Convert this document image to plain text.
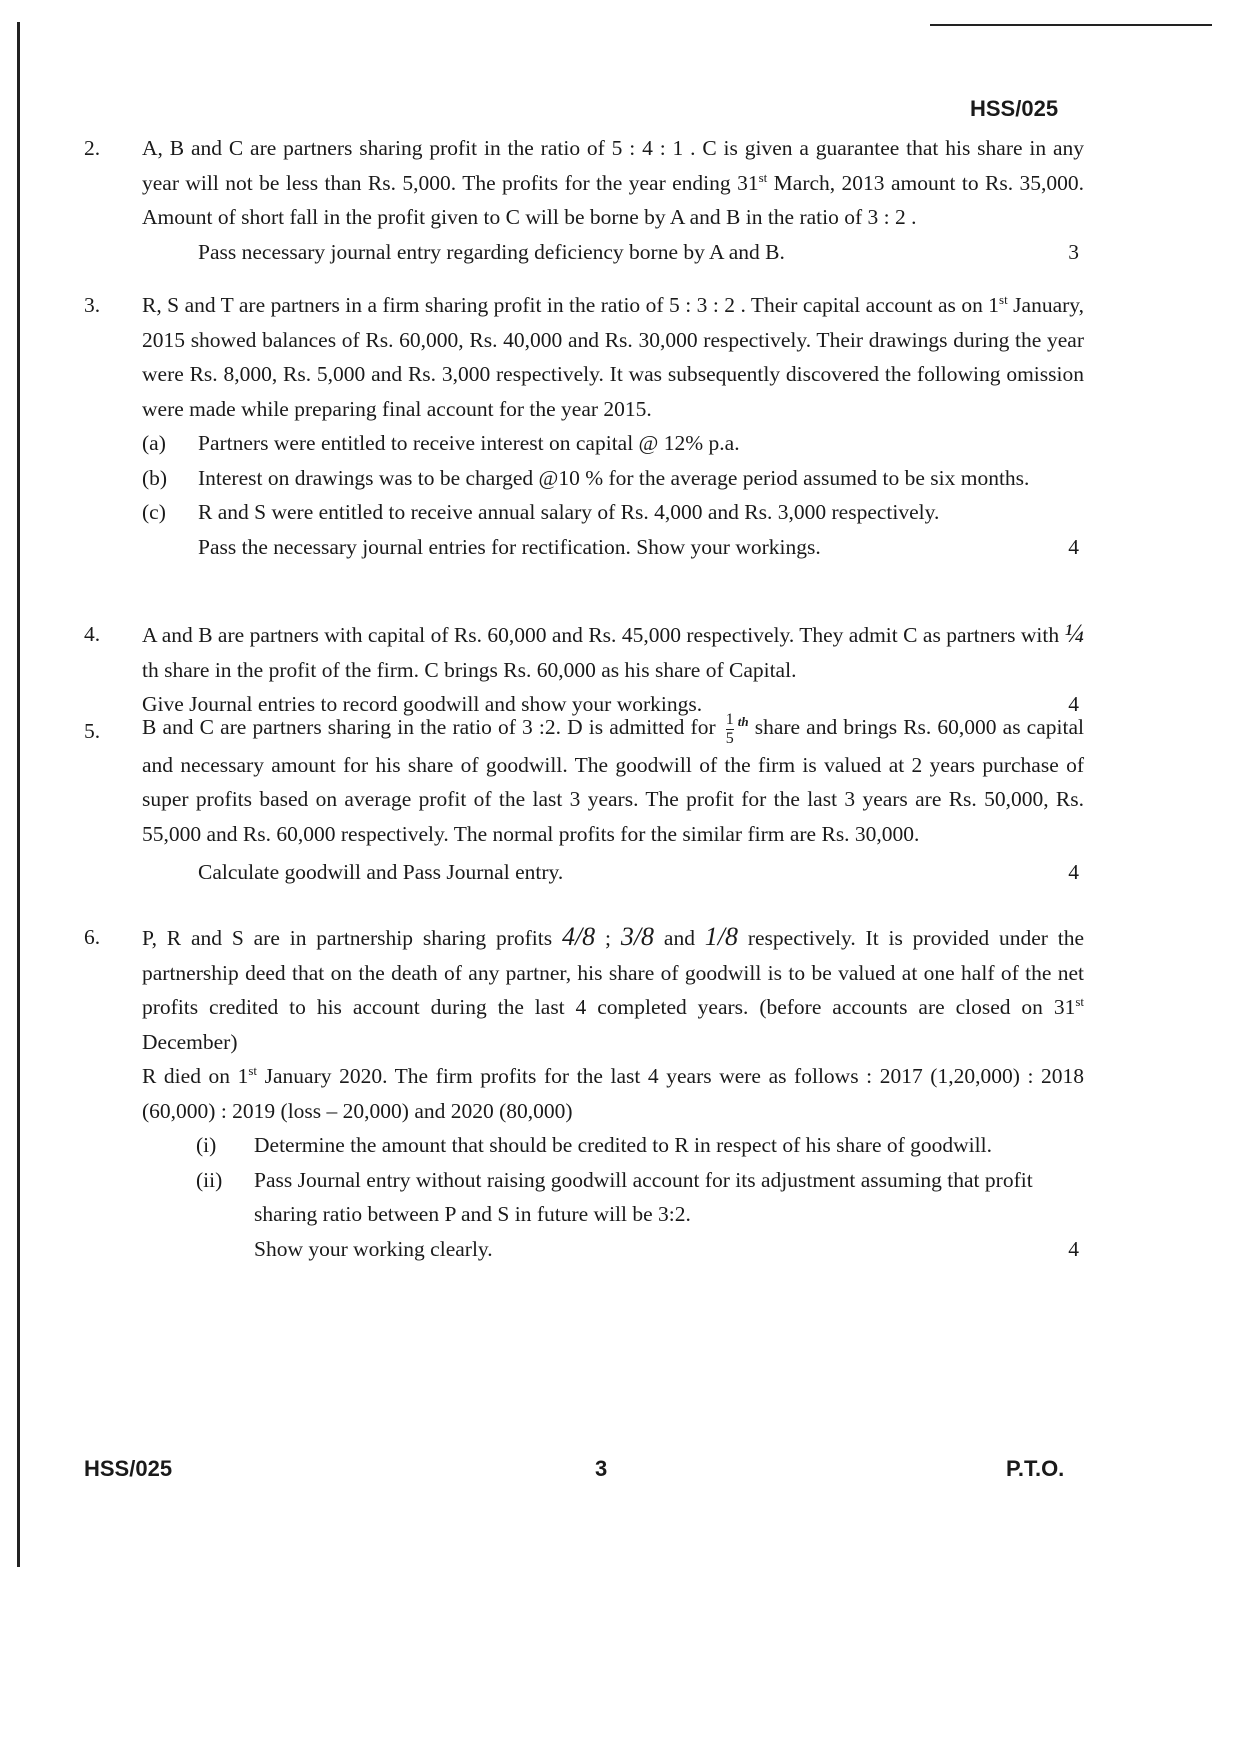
HSS/025
2. A, B and C are partners sharing profit in the ratio of 5 : 4 : 1 . C is given a guarantee that his share in any year will not be less than Rs. 5,000. The profits for the year ending 31st March, 2013 amount to Rs. 35,000. Amount of short fall in the profit given to C will be borne by A and B in the ratio of 3 : 2 .
Pass necessary journal entry regarding deficiency borne by A and B.	3
3. R, S and T are partners in a firm sharing profit in the ratio of 5 : 3 : 2 . Their capital account as on 1st January, 2015 showed balances of Rs. 60,000, Rs. 40,000 and Rs. 30,000 respectively. Their drawings during the year were Rs. 8,000, Rs. 5,000 and Rs. 3,000 respectively. It was subsequently discovered the following omission were made while preparing final account for the year 2015.
(a) Partners were entitled to receive interest on capital @ 12% p.a.
(b) Interest on drawings was to be charged @10 % for the average period assumed to be six months.
(c) R and S were entitled to receive annual salary of Rs. 4,000 and Rs. 3,000 respectively.
Pass the necessary journal entries for rectification. Show your workings.	4
4. A and B are partners with capital of Rs. 60,000 and Rs. 45,000 respectively. They admit C as partners with ¼th share in the profit of the firm. C brings Rs. 60,000 as his share of Capital.
Give Journal entries to record goodwill and show your workings.	4
5. B and C are partners sharing in the ratio of 3 :2. D is admitted for $\frac{1}{5} ^{th}$ share and brings Rs. 60,000 as capital and necessary amount for his share of goodwill. The goodwill of the firm is valued at 2 years purchase of super profits based on average profit of the last 3 years. The profit for the last 3 years are Rs. 50,000, Rs. 55,000 and Rs. 60,000 respectively. The normal profits for the similar firm are Rs. 30,000.
Calculate goodwill and Pass Journal entry.	4
6. P, R and S are in partnership sharing profits 4/8 ; 3/8 and 1/8 respectively. It is provided under the partnership deed that on the death of any partner, his share of goodwill is to be valued at one half of the net profits credited to his account during the last 4 completed years. (before accounts are closed on 31st December)
R died on 1st January 2020. The firm profits for the last 4 years were as follows : 2017 (1,20,000) : 2018 (60,000) : 2019 (loss – 20,000) and 2020 (80,000)
(i) Determine the amount that should be credited to R in respect of his share of goodwill.
(ii) Pass Journal entry without raising goodwill account for its adjustment assuming that profit sharing ratio between P and S in future will be 3:2.
Show your working clearly.	4
HSS/025	3	P.T.O.
